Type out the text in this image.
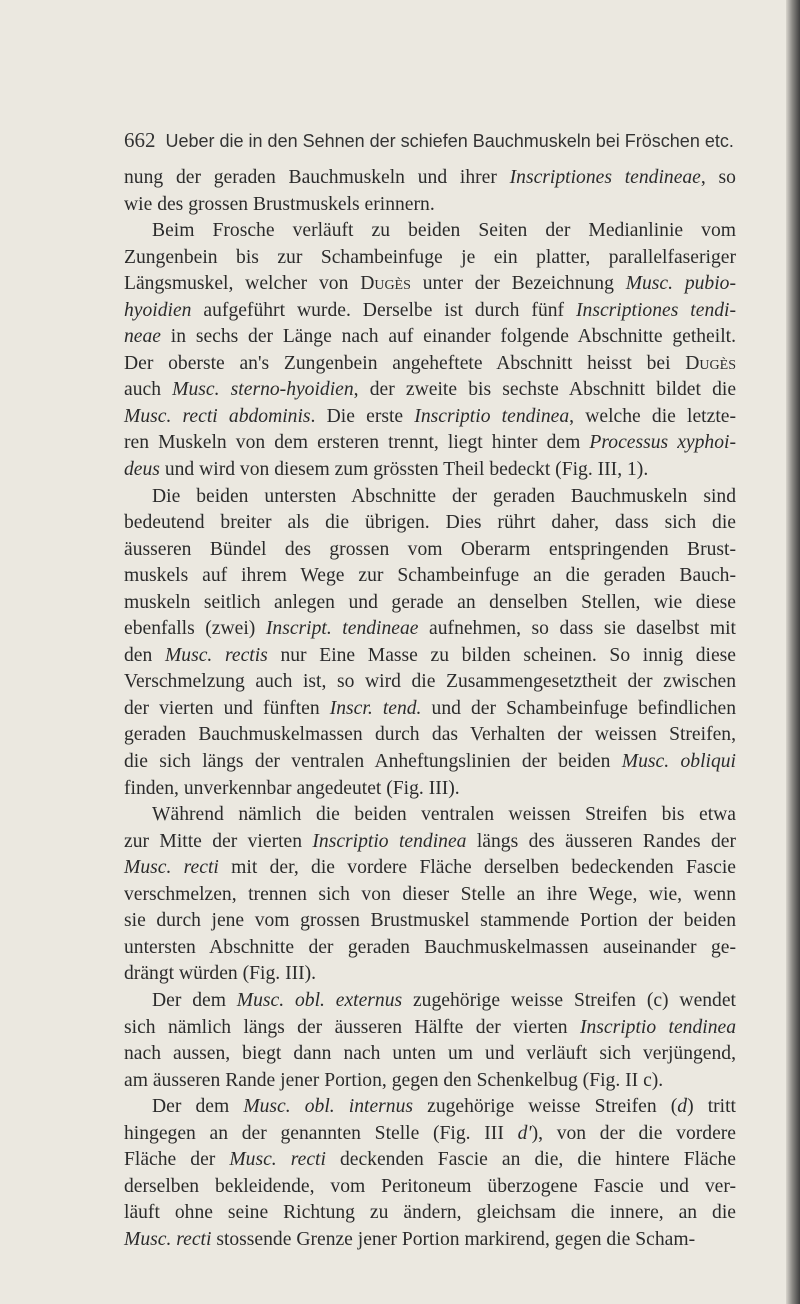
662 Ueber die in den Sehnen der schiefen Bauchmuskeln bei Fröschen etc.
nung der geraden Bauchmuskeln und ihrer Inscriptiones tendineae, so
wie des grossen Brustmuskels erinnern.
Beim Frosche verläuft zu beiden Seiten der Medianlinie vom
Zungenbein bis zur Schambeinfuge je ein platter, parallelfaseriger
Längsmuskel, welcher von Dugès unter der Bezeichnung Musc. pubio-
hyoidien aufgeführt wurde. Derselbe ist durch fünf Inscriptiones tendi-
neae in sechs der Länge nach auf einander folgende Abschnitte getheilt.
Der oberste an's Zungenbein angeheftete Abschnitt heisst bei Dugès
auch Musc. sterno-hyoidien, der zweite bis sechste Abschnitt bildet die
Musc. recti abdominis. Die erste Inscriptio tendinea, welche die letzte-
ren Muskeln von dem ersteren trennt, liegt hinter dem Processus xyphoi-
deus und wird von diesem zum grössten Theil bedeckt (Fig. III, 1).
Die beiden untersten Abschnitte der geraden Bauchmuskeln sind
bedeutend breiter als die übrigen. Dies rührt daher, dass sich die
äusseren Bündel des grossen vom Oberarm entspringenden Brust-
muskels auf ihrem Wege zur Schambeinfuge an die geraden Bauch-
muskeln seitlich anlegen und gerade an denselben Stellen, wie diese
ebenfalls (zwei) Inscript. tendineae aufnehmen, so dass sie daselbst mit
den Musc. rectis nur Eine Masse zu bilden scheinen. So innig diese
Verschmelzung auch ist, so wird die Zusammengesetztheit der zwischen
der vierten und fünften Inscr. tend. und der Schambeinfuge befindlichen
geraden Bauchmuskelmassen durch das Verhalten der weissen Streifen,
die sich längs der ventralen Anheftungslinien der beiden Musc. obliqui
finden, unverkennbar angedeutet (Fig. III).
Während nämlich die beiden ventralen weissen Streifen bis etwa
zur Mitte der vierten Inscriptio tendinea längs des äusseren Randes der
Musc. recti mit der, die vordere Fläche derselben bedeckenden Fascie
verschmelzen, trennen sich von dieser Stelle an ihre Wege, wie, wenn
sie durch jene vom grossen Brustmuskel stammende Portion der beiden
untersten Abschnitte der geraden Bauchmuskelmassen auseinander ge-
drängt würden (Fig. III).
Der dem Musc. obl. externus zugehörige weisse Streifen (c) wendet
sich nämlich längs der äusseren Hälfte der vierten Inscriptio tendinea
nach aussen, biegt dann nach unten um und verläuft sich verjüngend,
am äusseren Rande jener Portion, gegen den Schenkelbug (Fig. II c).
Der dem Musc. obl. internus zugehörige weisse Streifen (d) tritt
hingegen an der genannten Stelle (Fig. III d'), von der die vordere
Fläche der Musc. recti deckenden Fascie an die, die hintere Fläche
derselben bekleidende, vom Peritoneum überzogene Fascie und ver-
läuft ohne seine Richtung zu ändern, gleichsam die innere, an die
Musc. recti stossende Grenze jener Portion markirend, gegen die Scham-
